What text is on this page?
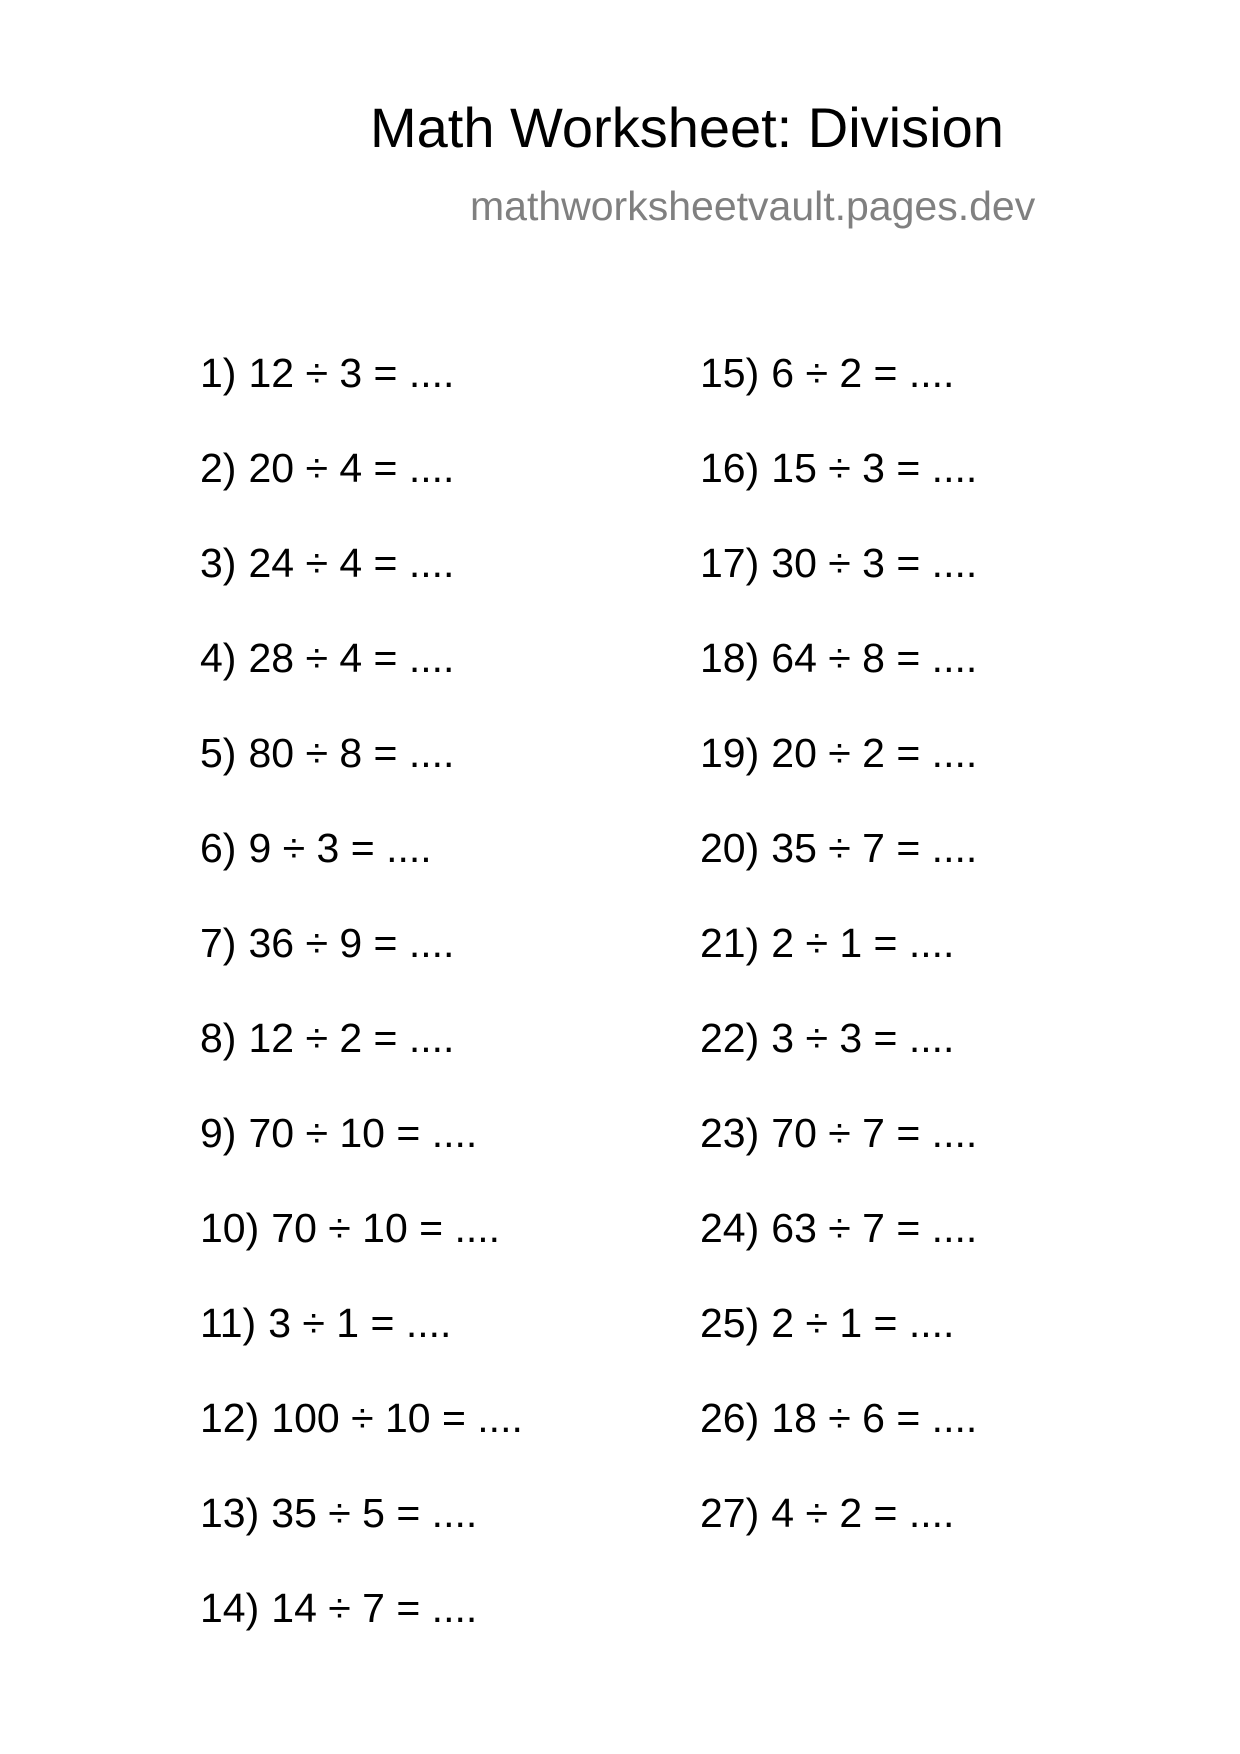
Math Worksheet: Division
mathworksheetvault.pages.dev
1) 12 ÷ 3 = ....
2) 20 ÷ 4 = ....
3) 24 ÷ 4 = ....
4) 28 ÷ 4 = ....
5) 80 ÷ 8 = ....
6) 9 ÷ 3 = ....
7) 36 ÷ 9 = ....
8) 12 ÷ 2 = ....
9) 70 ÷ 10 = ....
10) 70 ÷ 10 = ....
11) 3 ÷ 1 = ....
12) 100 ÷ 10 = ....
13) 35 ÷ 5 = ....
14) 14 ÷ 7 = ....
15) 6 ÷ 2 = ....
16) 15 ÷ 3 = ....
17) 30 ÷ 3 = ....
18) 64 ÷ 8 = ....
19) 20 ÷ 2 = ....
20) 35 ÷ 7 = ....
21) 2 ÷ 1 = ....
22) 3 ÷ 3 = ....
23) 70 ÷ 7 = ....
24) 63 ÷ 7 = ....
25) 2 ÷ 1 = ....
26) 18 ÷ 6 = ....
27) 4 ÷ 2 = ....
